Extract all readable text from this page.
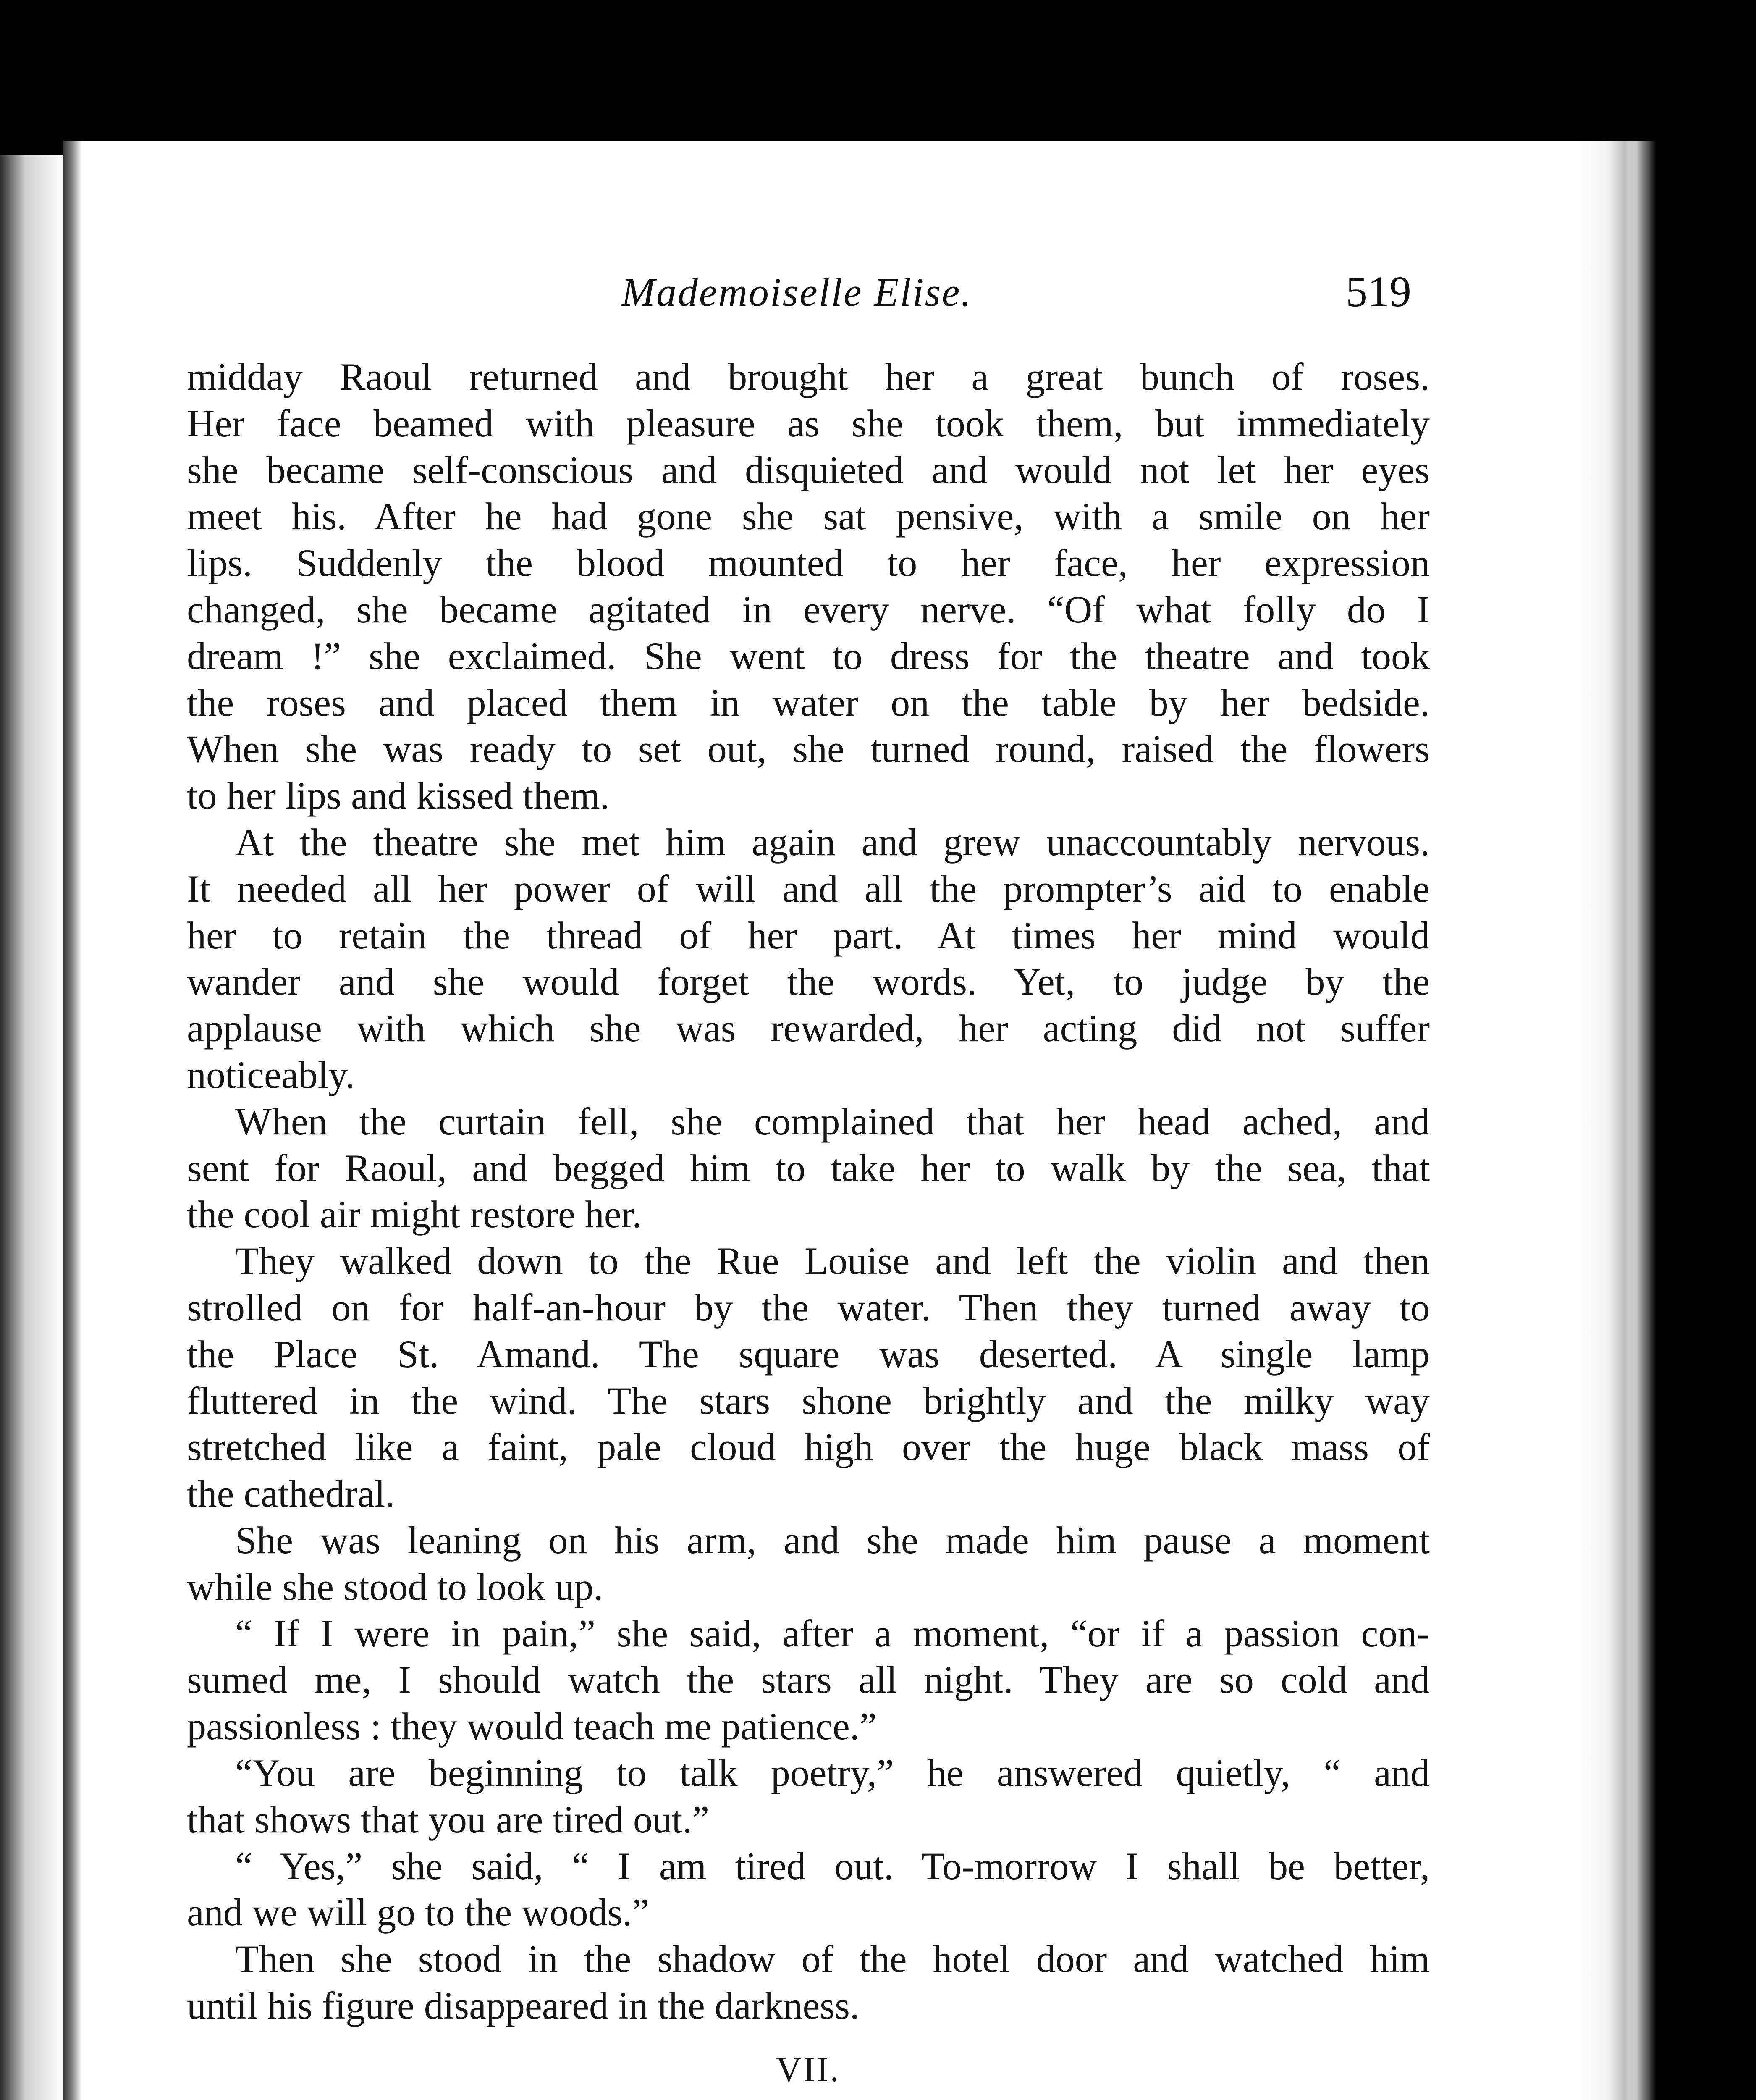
Mademoiselle Elise.	519

midday Raoul returned and brought her a great bunch of roses.
Her face beamed with pleasure as she took them, but immediately
she became self-conscious and disquieted and would not let her eyes
meet his. After he had gone she sat pensive, with a smile on her
lips. Suddenly the blood mounted to her face, her expression
changed, she became agitated in every nerve. “Of what folly do I
dream !” she exclaimed. She went to dress for the theatre and took
the roses and placed them in water on the table by her bedside.
When she was ready to set out, she turned round, raised the flowers
to her lips and kissed them.

At the theatre she met him again and grew unaccountably nervous.
It needed all her power of will and all the prompter’s aid to enable
her to retain the thread of her part. At times her mind would
wander and she would forget the words. Yet, to judge by the
applause with which she was rewarded, her acting did not suffer
noticeably.

When the curtain fell, she complained that her head ached, and
sent for Raoul, and begged him to take her to walk by the sea, that
the cool air might restore her.

They walked down to the Rue Louise and left the violin and then
strolled on for half-an-hour by the water. Then they turned away to
the Place St. Amand. The square was deserted. A single lamp
fluttered in the wind. The stars shone brightly and the milky way
stretched like a faint, pale cloud high over the huge black mass of
the cathedral.

She was leaning on his arm, and she made him pause a moment
while she stood to look up.

“ If I were in pain,” she said, after a moment, “or if a passion con-
sumed me, I should watch the stars all night. They are so cold and
passionless : they would teach me patience.”

“You are beginning to talk poetry,” he answered quietly, “ and
that shows that you are tired out.”

“ Yes,” she said, “ I am tired out. To-morrow I shall be better,
and we will go to the woods.”

Then she stood in the shadow of the hotel door and watched him
until his figure disappeared in the darkness.

VII.
